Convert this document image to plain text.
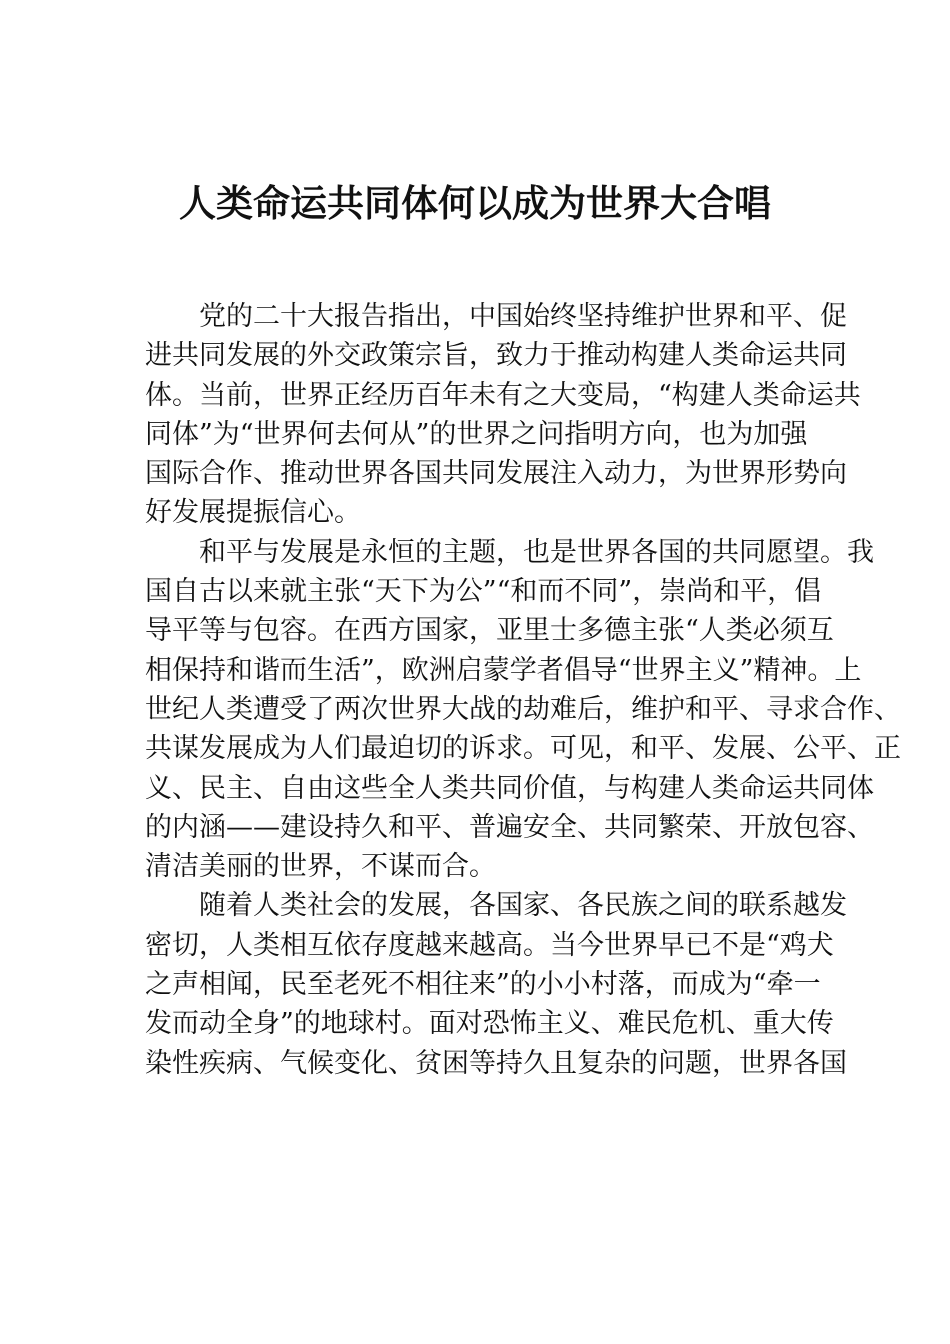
人类命运共同体何以成为世界大合唱

党的二十大报告指出，中国始终坚持维护世界和平、促
进共同发展的外交政策宗旨，致力于推动构建人类命运共同
体。当前，世界正经历百年未有之大变局，“构建人类命运共
同体”为“世界何去何从”的世界之问指明方向，也为加强
国际合作、推动世界各国共同发展注入动力，为世界形势向
好发展提振信心。

和平与发展是永恒的主题，也是世界各国的共同愿望。我
国自古以来就主张“天下为公”“和而不同”，崇尚和平，倡
导平等与包容。在西方国家，亚里士多德主张“人类必须互
相保持和谐而生活”，欧洲启蒙学者倡导“世界主义”精神。上
世纪人类遭受了两次世界大战的劫难后，维护和平、寻求合作、
共谋发展成为人们最迫切的诉求。可见，和平、发展、公平、正
义、民主、自由这些全人类共同价值，与构建人类命运共同体
的内涵——建设持久和平、普遍安全、共同繁荣、开放包容、
清洁美丽的世界，不谋而合。

随着人类社会的发展，各国家、各民族之间的联系越发
密切，人类相互依存度越来越高。当今世界早已不是“鸡犬
之声相闻，民至老死不相往来”的小小村落，而成为“牵一
发而动全身”的地球村。面对恐怖主义、难民危机、重大传
染性疾病、气候变化、贫困等持久且复杂的问题，世界各国
